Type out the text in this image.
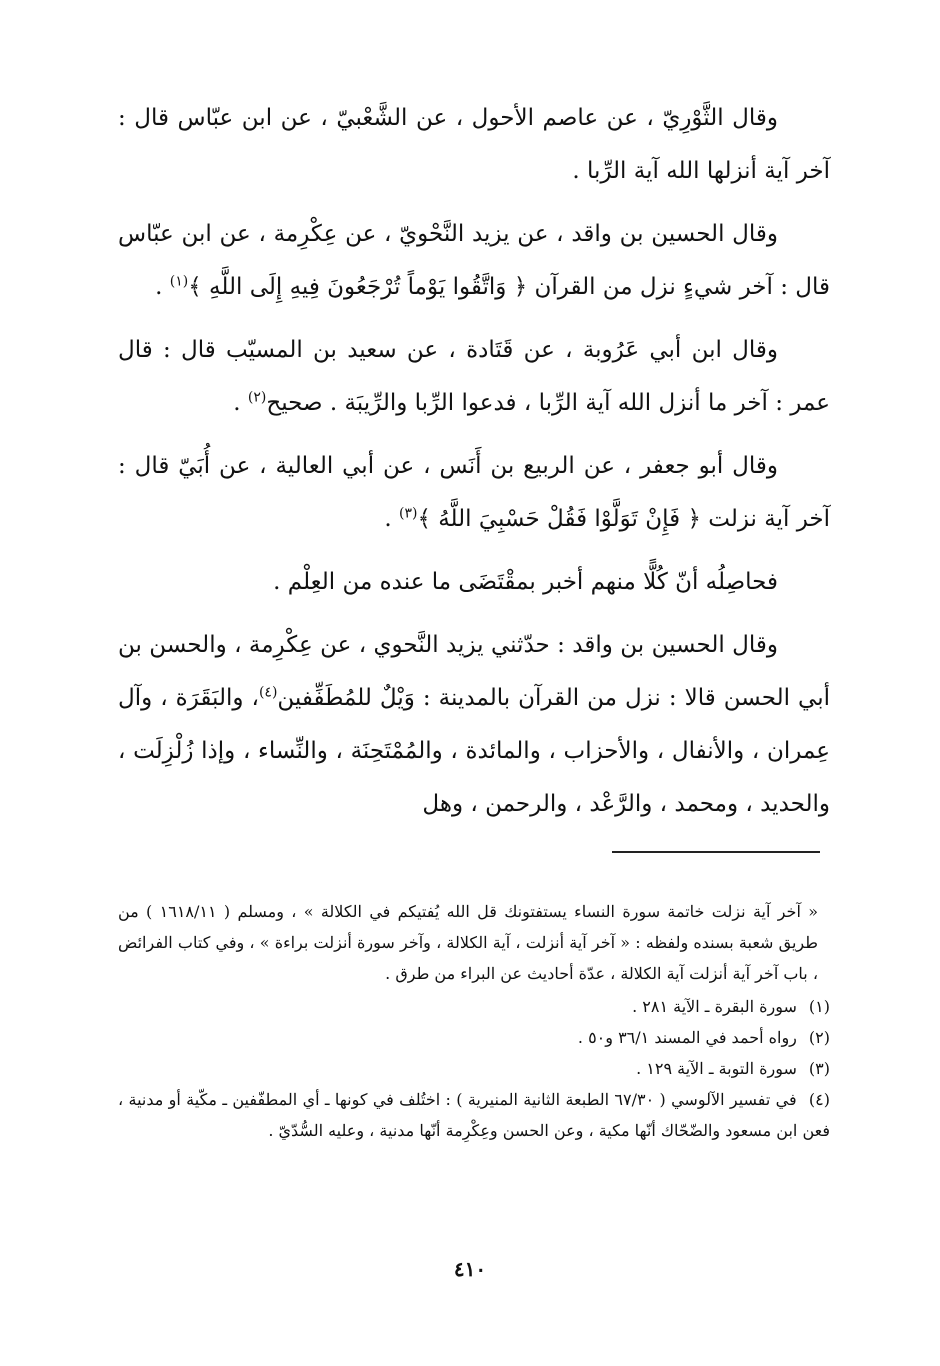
وقال الثَّوْرِيّ ، عن عاصم الأحول ، عن الشَّعْبيّ ، عن ابن عبّاس قال : آخر آية أنزلها الله آية الرِّبا .

وقال الحسين بن واقد ، عن يزيد النَّحْويّ ، عن عِكْرِمة ، عن ابن عبّاس قال : آخر شيءٍ نزل من القرآن ﴿ وَاتَّقُوا يَوْماً تُرْجَعُونَ فِيهِ إِلَى اللَّهِ ﴾$^{(١)}$ .

وقال ابن أبي عَرُوبة ، عن قَتَادة ، عن سعيد بن المسيّب قال : قال عمر : آخر ما أنزل الله آية الرِّبا ، فدعوا الرِّبا والرِّيبَة . صحيح$^{(٢)}$ .

وقال أبو جعفر ، عن الربيع بن أَنَس ، عن أبي العالية ، عن أُبَيّ قال : آخر آية نزلت ﴿ فَإِنْ تَوَلَّوْا فَقُلْ حَسْبِيَ اللَّهُ ﴾$^{(٣)}$ .

فحاصِلُه أنّ كُلًّا منهم أخبر بمقْتَضَى ما عنده من العِلْم .

وقال الحسين بن واقد : حدّثني يزيد النَّحوي ، عن عِكْرِمة ، والحسن بن أبي الحسن قالا : نزل من القرآن بالمدينة : وَيْلٌ للمُطَفِّفين$^{(٤)}$، والبَقَرَة ، وآل عِمران ، والأنفال ، والأحزاب ، والمائدة ، والمُمْتَحِنَة ، والنِّساء ، وإذا زُلْزِلَت ، والحديد ، ومحمد ، والرَّعْد ، والرحمن ، وهل

« آخر آية نزلت خاتمة سورة النساء يستفتونك قل الله يُفتيكم في الكلالة » ، ومسلم ( ١٦١٨/١١ ) من طريق شعبة بسنده ولفظه : « آخر آية أنزلت ، آية الكلالة ، وآخر سورة أنزلت براءة » ، وفي كتاب الفرائض ، باب آخر آية أنزلت آية الكلالة ، عدّة أحاديث عن البراء من طرق .

(١) سورة البقرة ـ الآية ٢٨١ .

(٢) رواه أحمد في المسند ٣٦/١ و٥٠ .

(٣) سورة التوبة ـ الآية ١٢٩ .

(٤) في تفسير الآلوسي ( ٦٧/٣٠ الطبعة الثانية المنيرية ) : اختُلف في كونها ـ أي المطفّفين ـ مكّية أو مدنية ، فعن ابن مسعود والضّحّاك أنّها مكية ، وعن الحسن وعِكْرِمة أنّها مدنية ، وعليه السُّدّيّ .

٤١٠
